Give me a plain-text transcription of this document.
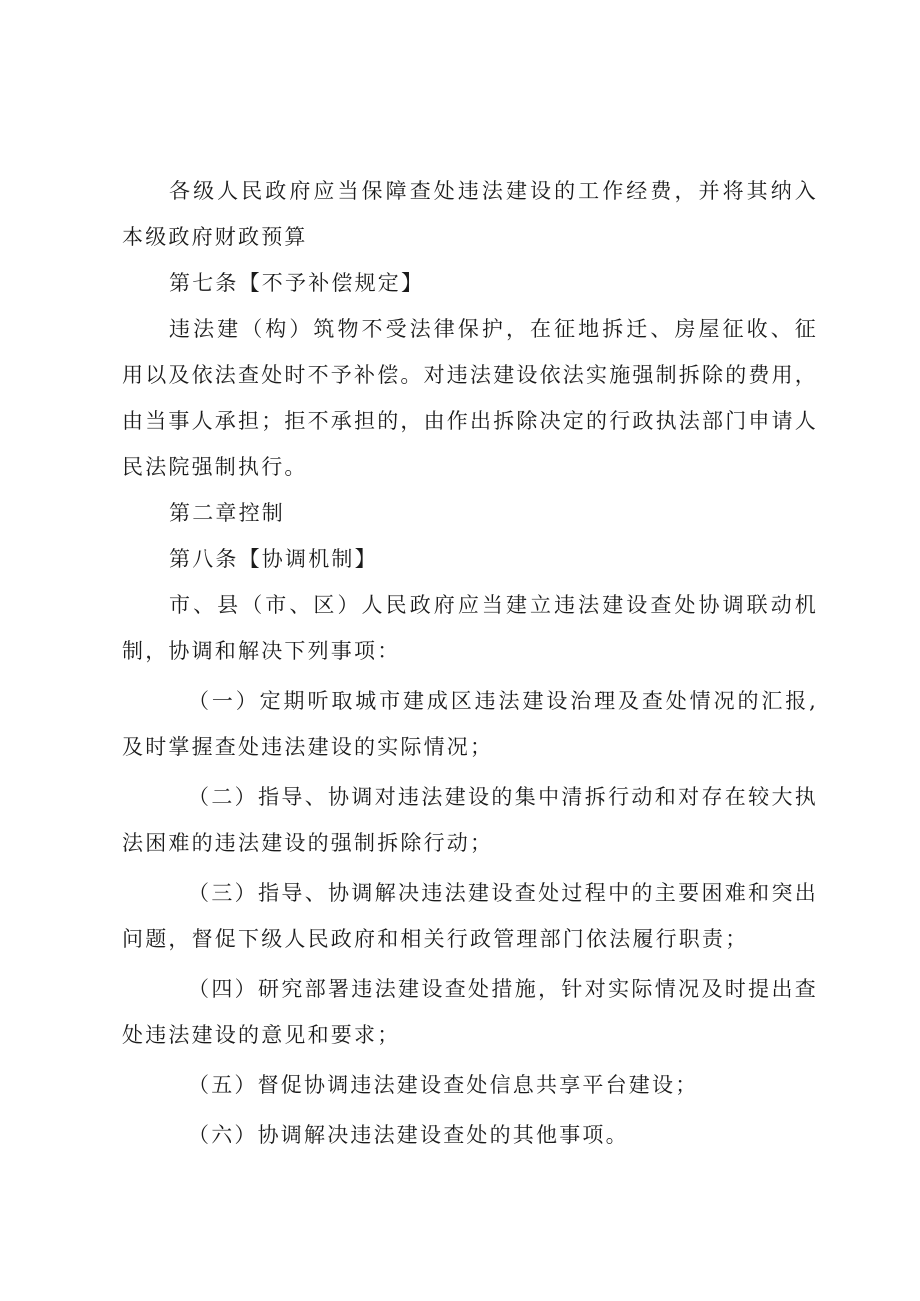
各级人民政府应当保障查处违法建设的工作经费，并将其纳入本级政府财政预算

第七条【不予补偿规定】

违法建（构）筑物不受法律保护，在征地拆迁、房屋征收、征用以及依法查处时不予补偿。对违法建设依法实施强制拆除的费用，由当事人承担；拒不承担的，由作出拆除决定的行政执法部门申请人民法院强制执行。

第二章控制

第八条【协调机制】

市、县（市、区）人民政府应当建立违法建设查处协调联动机制，协调和解决下列事项：

（一）定期听取城市建成区违法建设治理及查处情况的汇报,及时掌握查处违法建设的实际情况；

（二）指导、协调对违法建设的集中清拆行动和对存在较大执法困难的违法建设的强制拆除行动；

（三）指导、协调解决违法建设查处过程中的主要困难和突出问题，督促下级人民政府和相关行政管理部门依法履行职责；

（四）研究部署违法建设查处措施，针对实际情况及时提出查处违法建设的意见和要求；

（五）督促协调违法建设查处信息共享平台建设；

（六）协调解决违法建设查处的其他事项。
